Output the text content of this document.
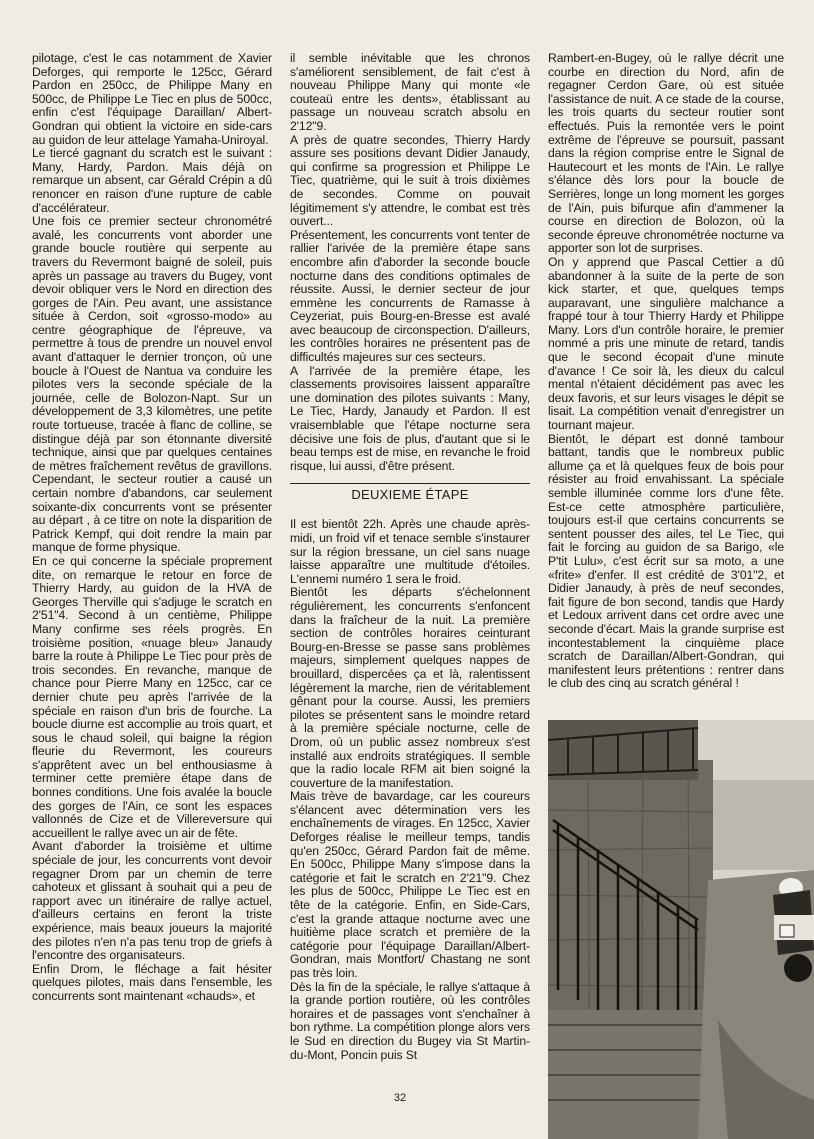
pilotage, c'est le cas notamment de Xavier Deforges, qui remporte le 125cc, Gérard Pardon en 250cc, de Philippe Many en 500cc, de Philippe Le Tiec en plus de 500cc, enfin c'est l'équipage Daraillan/ Albert-Gondran qui obtient la victoire en side-cars au guidon de leur attelage Yamaha-Uniroyal.

Le tiercé gagnant du scratch est le suivant : Many, Hardy, Pardon. Mais déjà on remarque un absent, car Gérald Crépin a dû renoncer en raison d'une rupture de cable d'accélérateur.

Une fois ce premier secteur chronométré avalé, les concurrents vont aborder une grande boucle routière qui serpente au travers du Revermont baigné de soleil, puis après un passage au travers du Bugey, vont devoir obliquer vers le Nord en direction des gorges de l'Ain. Peu avant, une assistance située à Cerdon, soit «grosso-modo» au centre géographique de l'épreuve, va permettre à tous de prendre un nouvel envol avant d'attaquer le dernier tronçon, où une boucle à l'Ouest de Nantua va conduire les pilotes vers la seconde spéciale de la journée, celle de Bolozon-Napt. Sur un développement de 3,3 kilomètres, une petite route tortueuse, tracée à flanc de colline, se distingue déjà par son étonnante diversité technique, ainsi que par quelques centaines de mètres fraîchement revêtus de gravillons. Cependant, le secteur routier a causé un certain nombre d'abandons, car seulement soixante-dix concurrents vont se présenter au départ , à ce titre on note la disparition de Patrick Kempf, qui doit rendre la main par manque de forme physique.

En ce qui concerne la spéciale proprement dite, on remarque le retour en force de Thierry Hardy, au guidon de la HVA de Georges Therville qui s'adjuge le scratch en 2'51"4. Second à un centième, Philippe Many confirme ses réels progrès. En troisième position, «nuage bleu» Janaudy barre la route à Philippe Le Tiec pour près de trois secondes. En revanche, manque de chance pour Pierre Many en 125cc, car ce dernier chute peu après l'arrivée de la spéciale en raison d'un bris de fourche. La boucle diurne est accomplie au trois quart, et sous le chaud soleil, qui baigne la région fleurie du Revermont, les coureurs s'apprêtent avec un bel enthousiasme à terminer cette première étape dans de bonnes conditions. Une fois avalée la boucle des gorges de l'Ain, ce sont les espaces vallonnés de Cize et de Villereversure qui accueillent le rallye avec un air de fête.

Avant d'aborder la troisième et ultime spéciale de jour, les concurrents vont devoir regagner Drom par un chemin de terre cahoteux et glissant à souhait qui a peu de rapport avec un itinéraire de rallye actuel, d'ailleurs certains en feront la triste expérience, mais beaux joueurs la majorité des pilotes n'en n'a pas tenu trop de griefs à l'encontre des organisateurs.

Enfin Drom, le fléchage a fait hésiter quelques pilotes, mais dans l'ensemble, les concurrents sont maintenant «chauds», et

il semble inévitable que les chronos s'améliorent sensiblement, de fait c'est à nouveau Philippe Many qui monte «le couteaü entre les dents», établissant au passage un nouveau scratch absolu en 2'12"9.

A près de quatre secondes, Thierry Hardy assure ses positions devant Didier Janaudy, qui confirme sa progression et Philippe Le Tiec, quatrième, qui le suit à trois dixièmes de secondes. Comme on pouvait légitimement s'y attendre, le combat est très ouvert...

Présentement, les concurrents vont tenter de rallier l'arivée de la première étape sans encombre afin d'aborder la seconde boucle nocturne dans des conditions optimales de réussite. Aussi, le dernier secteur de jour emmène les concurrents de Ramasse à Ceyzeriat, puis Bourg-en-Bresse est avalé avec beaucoup de circonspection. D'ailleurs, les contrôles horaires ne présentent pas de difficultés majeures sur ces secteurs.

A l'arrivée de la première étape, les classements provisoires laissent apparaître une domination des pilotes suivants : Many, Le Tiec, Hardy, Janaudy et Pardon. Il est vraisemblable que l'étape nocturne sera décisive une fois de plus, d'autant que si le beau temps est de mise, en revanche le froid risque, lui aussi, d'être présent.

DEUXIEME ÉTAPE

Il est bientôt 22h. Après une chaude après-midi, un froid vif et tenace semble s'instaurer sur la région bressane, un ciel sans nuage laisse apparaître une multitude d'étoiles. L'ennemi numéro 1 sera le froid.

Bientôt les départs s'échelonnent régulièrement, les concurrents s'enfoncent dans la fraîcheur de la nuit. La première section de contrôles horaires ceinturant Bourg-en-Bresse se passe sans problèmes majeurs, simplement quelques nappes de brouillard, dispercées ça et là, ralentissent légèrement la marche, rien de véritablement gênant pour la course. Aussi, les premiers pilotes se présentent sans le moindre retard à la première spéciale nocturne, celle de Drom, où un public assez nombreux s'est installé aux endroits stratégiques. Il semble que la radio locale RFM ait bien soigné la couverture de la manifestation.

Mais trève de bavardage, car les coureurs s'élancent avec détermination vers les enchaînements de virages. En 125cc, Xavier Deforges réalise le meilleur temps, tandis qu'en 250cc, Gérard Pardon fait de même. En 500cc, Philippe Many s'impose dans la catégorie et fait le scratch en 2'21"9. Chez les plus de 500cc, Philippe Le Tiec est en tête de la catégorie. Enfin, en Side-Cars, c'est la grande attaque nocturne avec une huitième place scratch et première de la catégorie pour l'équipage Daraillan/Albert-Gondran, mais Montfort/ Chastang ne sont pas très loin.

Dès la fin de la spéciale, le rallye s'attaque à la grande portion routière, où les contrôles horaires et de passages vont s'enchaîner à bon rythme. La compétition plonge alors vers le Sud en direction du Bugey via St Martin-du-Mont, Poncin puis St

Rambert-en-Bugey, où le rallye décrit une courbe en direction du Nord, afin de regagner Cerdon Gare, où est située l'assistance de nuit. A ce stade de la course, les trois quarts du secteur routier sont effectués. Puis la remontée vers le point extrême de l'épreuve se poursuit, passant dans la région comprise entre le Signal de Hautecourt et les monts de l'Ain. Le rallye s'élance dès lors pour la boucle de Serrières, longe un long moment les gorges de l'Ain, puis bifurque afin d'ammener la course en direction de Bolozon, où la seconde épreuve chronométrée nocturne va apporter son lot de surprises.

On y apprend que Pascal Cettier a dû abandonner à la suite de la perte de son kick starter, et que, quelques temps auparavant, une singulière malchance a frappé tour à tour Thierry Hardy et Philippe Many. Lors d'un contrôle horaire, le premier nommé a pris une minute de retard, tandis que le second écopait d'une minute d'avance ! Ce soir là, les dieux du calcul mental n'étaient décidément pas avec les deux favoris, et sur leurs visages le dépit se lisait. La compétition venait d'enregistrer un tournant majeur.

Bientôt, le départ est donné tambour battant, tandis que le nombreux public allume ça et là quelques feux de bois pour résister au froid envahissant. La spéciale semble illuminée comme lors d'une fête. Est-ce cette atmosphère particulière, toujours est-il que certains concurrents se sentent pousser des ailes, tel Le Tiec, qui fait le forcing au guidon de sa Barigo, «le P'tit Lulu», c'est écrit sur sa moto, a une «frite» d'enfer. Il est crédité de 3'01"2, et Didier Janaudy, à près de neuf secondes, fait figure de bon second, tandis que Hardy et Ledoux arrivent dans cet ordre avec une seconde d'écart. Mais la grande surprise est incontestablement la cinquième place scratch de Daraillan/Albert-Gondran, qui manifestent leurs prétentions : rentrer dans le club des cinq au scratch général !

32
